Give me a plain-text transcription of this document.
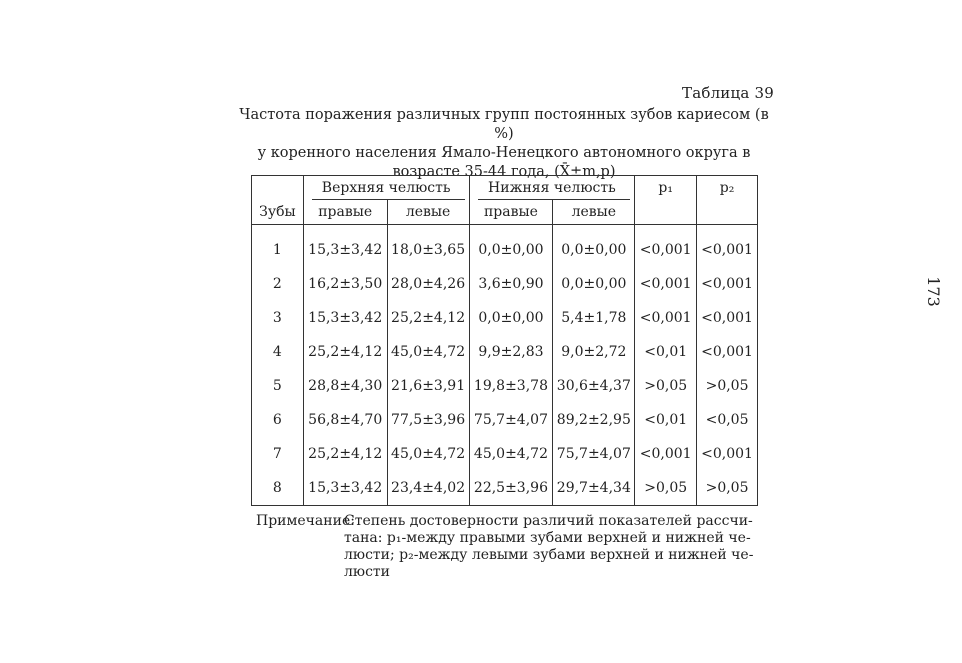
Таблица 39
Частота поражения различных групп постоянных зубов кариесом (в %)
у коренного населения Ямало-Ненецкого автономного округа в
возрасте 35-44 года, (X̄±m,p)
	Верхняя челюсть		Нижняя челюсть		p₁	p₂
Зубы	правые	левые	правые	левые		

1	15,3±3,42	18,0±3,65	0,0±0,00	0,0±0,00	<0,001	<0,001
2	16,2±3,50	28,0±4,26	3,6±0,90	0,0±0,00	<0,001	<0,001
3	15,3±3,42	25,2±4,12	0,0±0,00	5,4±1,78	<0,001	<0,001
4	25,2±4,12	45,0±4,72	9,9±2,83	9,0±2,72	<0,01	<0,001
5	28,8±4,30	21,6±3,91	19,8±3,78	30,6±4,37	>0,05	>0,05
6	56,8±4,70	77,5±3,96	75,7±4,07	89,2±2,95	<0,01	<0,05
7	25,2±4,12	45,0±4,72	45,0±4,72	75,7±4,07	<0,001	<0,001
8	15,3±3,42	23,4±4,02	22,5±3,96	29,7±4,34	>0,05	>0,05
173
Примечание:
Степень достоверности различий показателей рассчи-
тана: p₁-между правыми зубами верхней и нижней че-
люсти; p₂-между левыми зубами верхней и нижней че-
люсти
